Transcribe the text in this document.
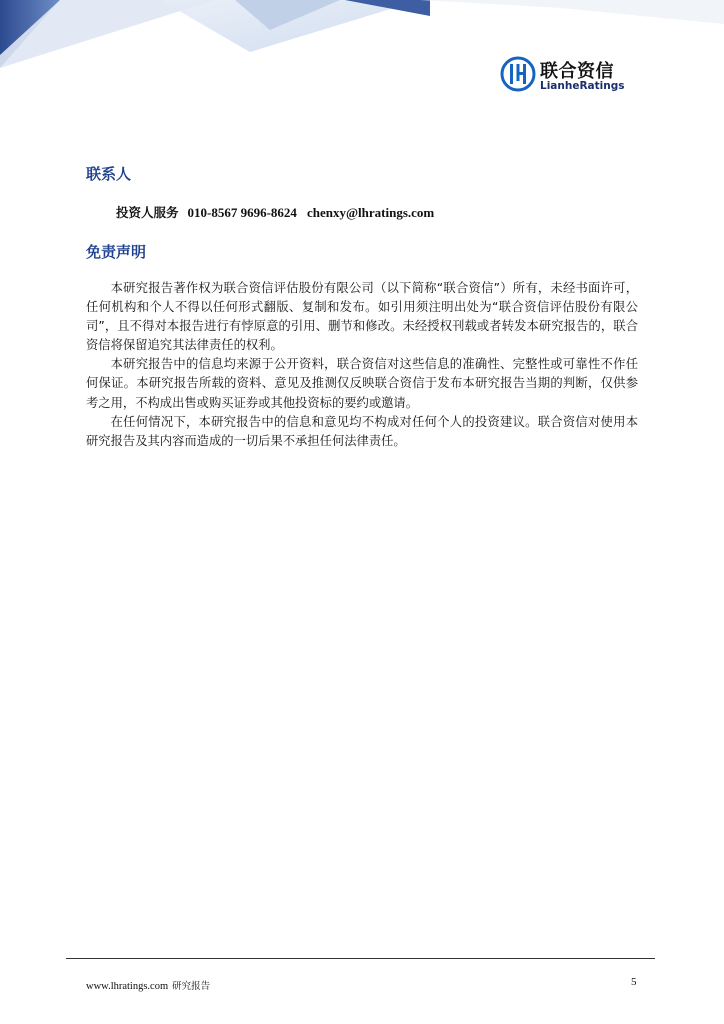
联合资信
LianheRatings
联系人
投资人服务 010-8567 9696-8624 chenxy@lhratings.com
免责声明

本研究报告著作权为联合资信评估股份有限公司（以下简称“联合资信”）所有，未经书面许可，任何机构和个人不得以任何形式翻版、复制和发布。如引用须注明出处为“联合资信评估股份有限公司”，且不得对本报告进行有悖原意的引用、删节和修改。未经授权刊载或者转发本研究报告的，联合资信将保留追究其法律责任的权利。

本研究报告中的信息均来源于公开资料，联合资信对这些信息的准确性、完整性或可靠性不作任何保证。本研究报告所载的资料、意见及推测仅反映联合资信于发布本研究报告当期的判断，仅供参考之用，不构成出售或购买证券或其他投资标的要约或邀请。

在任何情况下，本研究报告中的信息和意见均不构成对任何个人的投资建议。联合资信对使用本研究报告及其内容而造成的一切后果不承担任何法律责任。

www.lhratings.com 研究报告	5
